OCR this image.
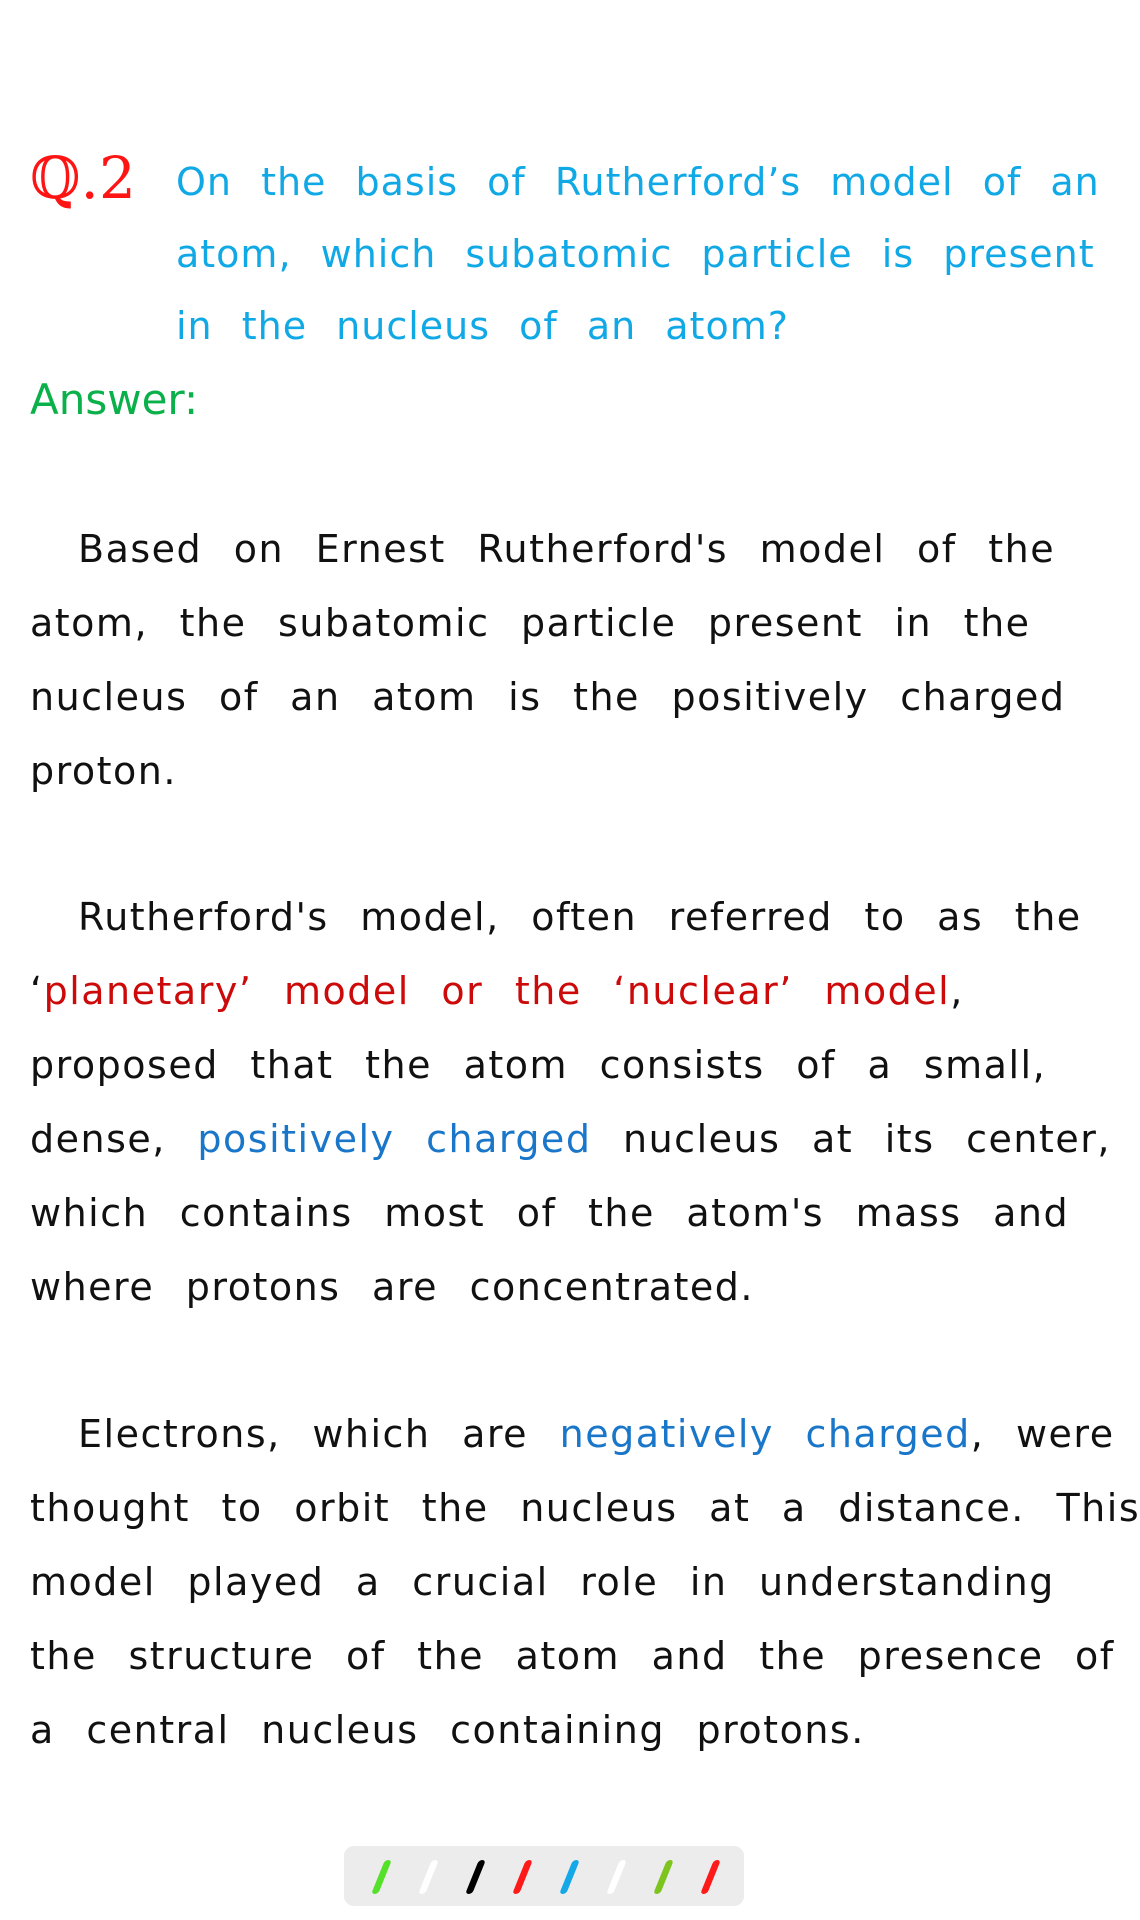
ℚ.2 On the basis of Rutherford’s model of an
atom, which subatomic particle is present
in the nucleus of an atom?
Answer:
Based on Ernest Rutherford's model of the
atom, the subatomic particle present in the
nucleus of an atom is the positively charged
proton.
Rutherford's model, often referred to as the
‘planetary’ model or the ‘nuclear’ model,
proposed that the atom consists of a small,
dense, positively charged nucleus at its center,
which contains most of the atom's mass and
where protons are concentrated.
Electrons, which are negatively charged, were
thought to orbit the nucleus at a distance. This
model played a crucial role in understanding
the structure of the atom and the presence of
a central nucleus containing protons.
